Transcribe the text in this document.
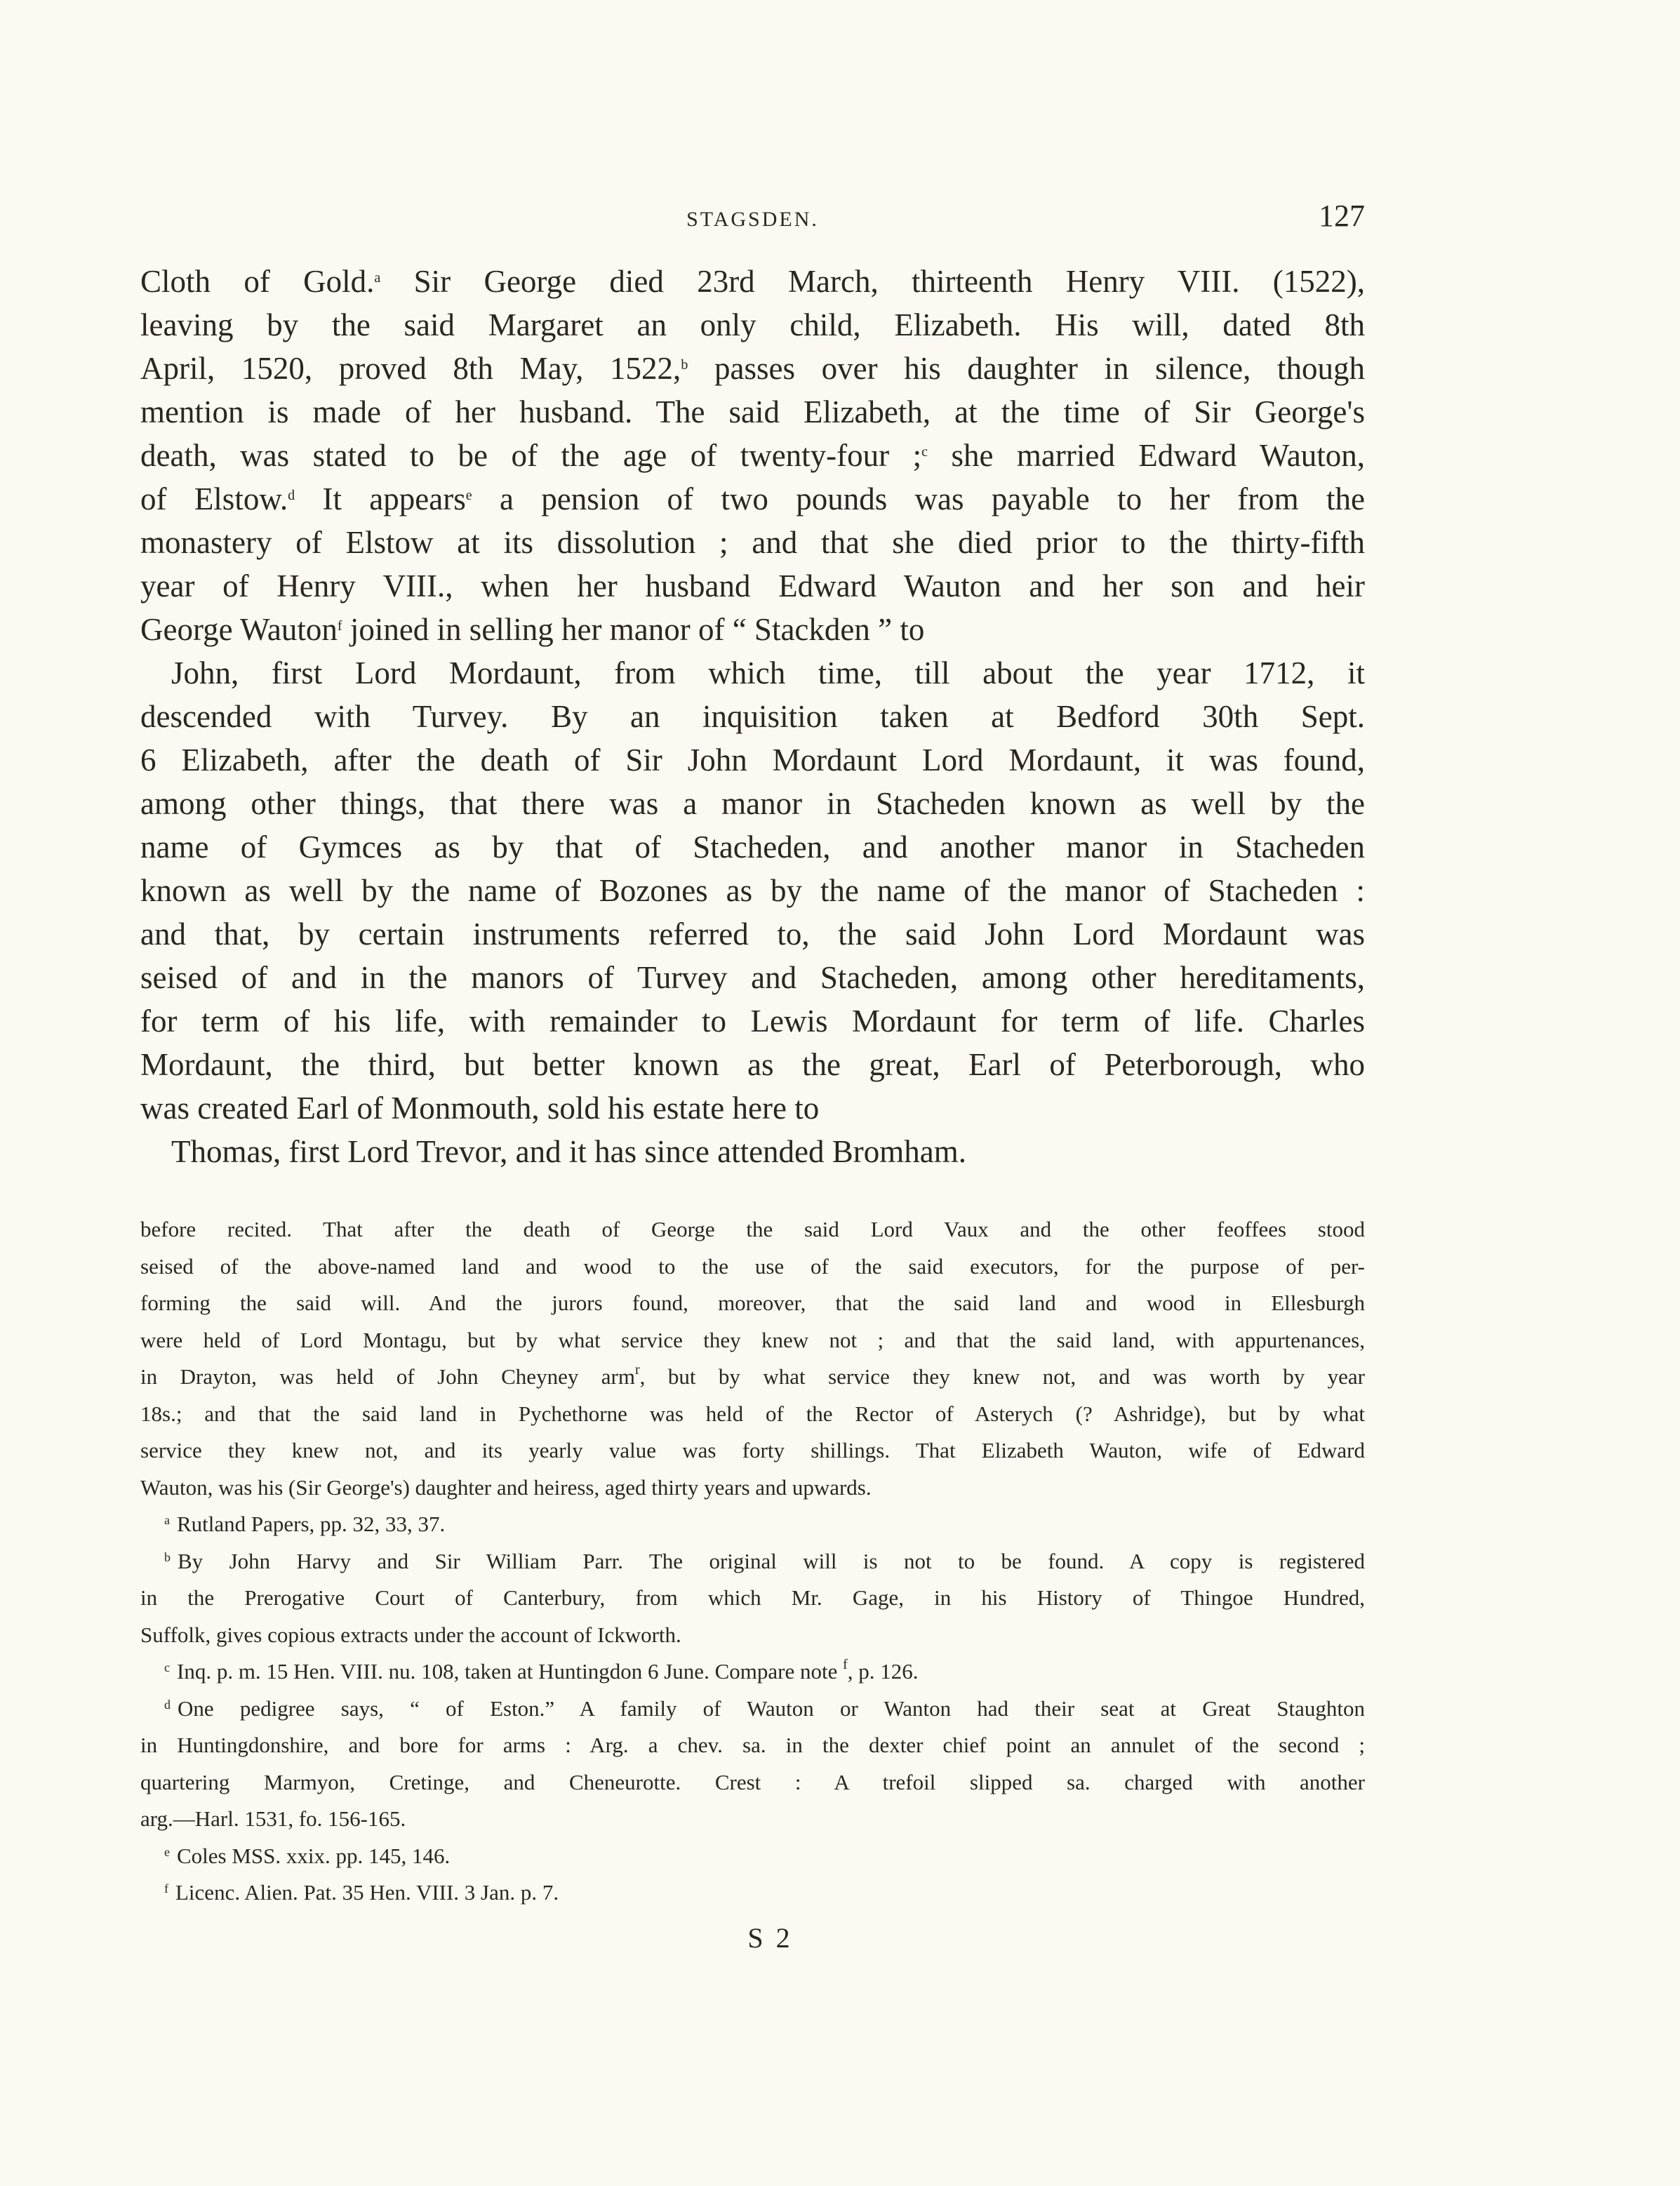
STAGSDEN.	127
Cloth of Gold.$^a$ Sir George died 23rd March, thirteenth Henry VIII. (1522),
leaving by the said Margaret an only child, Elizabeth. His will, dated 8th
April, 1520, proved 8th May, 1522,$^b$ passes over his daughter in silence, though
mention is made of her husband. The said Elizabeth, at the time of Sir George's
death, was stated to be of the age of twenty-four ;$^c$ she married Edward Wauton,
of Elstow.$^d$ It appears$^e$ a pension of two pounds was payable to her from the
monastery of Elstow at its dissolution ; and that she died prior to the thirty-fifth
year of Henry VIII., when her husband Edward Wauton and her son and heir
George Wauton$^f$ joined in selling her manor of “ Stackden ” to
John, first Lord Mordaunt, from which time, till about the year 1712, it
descended with Turvey. By an inquisition taken at Bedford 30th Sept.
6 Elizabeth, after the death of Sir John Mordaunt Lord Mordaunt, it was found,
among other things, that there was a manor in Stacheden known as well by the
name of Gymces as by that of Stacheden, and another manor in Stacheden
known as well by the name of Bozones as by the name of the manor of Stacheden :
and that, by certain instruments referred to, the said John Lord Mordaunt was
seised of and in the manors of Turvey and Stacheden, among other hereditaments,
for term of his life, with remainder to Lewis Mordaunt for term of life. Charles
Mordaunt, the third, but better known as the great, Earl of Peterborough, who
was created Earl of Monmouth, sold his estate here to
Thomas, first Lord Trevor, and it has since attended Bromham.
before recited. That after the death of George the said Lord Vaux and the other feoffees stood
seised of the above-named land and wood to the use of the said executors, for the purpose of per-
forming the said will. And the jurors found, moreover, that the said land and wood in Ellesburgh
were held of Lord Montagu, but by what service they knew not ; and that the said land, with appurtenances,
in Drayton, was held of John Cheyney arm$^r$, but by what service they knew not, and was worth by year
18s.; and that the said land in Pychethorne was held of the Rector of Asterych (? Ashridge), but by what
service they knew not, and its yearly value was forty shillings. That Elizabeth Wauton, wife of Edward
Wauton, was his (Sir George's) daughter and heiress, aged thirty years and upwards.
$^a$ Rutland Papers, pp. 32, 33, 37.
$^b$ By John Harvy and Sir William Parr. The original will is not to be found. A copy is registered
in the Prerogative Court of Canterbury, from which Mr. Gage, in his History of Thingoe Hundred,
Suffolk, gives copious extracts under the account of Ickworth.
$^c$ Inq. p. m. 15 Hen. VIII. nu. 108, taken at Huntingdon 6 June. Compare note $^f$, p. 126.
$^d$ One pedigree says, “ of Eston.” A family of Wauton or Wanton had their seat at Great Staughton
in Huntingdonshire, and bore for arms : Arg. a chev. sa. in the dexter chief point an annulet of the second ;
quartering Marmyon, Cretinge, and Cheneurotte. Crest : A trefoil slipped sa. charged with another
arg.—Harl. 1531, fo. 156-165.
$^e$ Coles MSS. xxix. pp. 145, 146.
$^f$ Licenc. Alien. Pat. 35 Hen. VIII. 3 Jan. p. 7.
S 2
